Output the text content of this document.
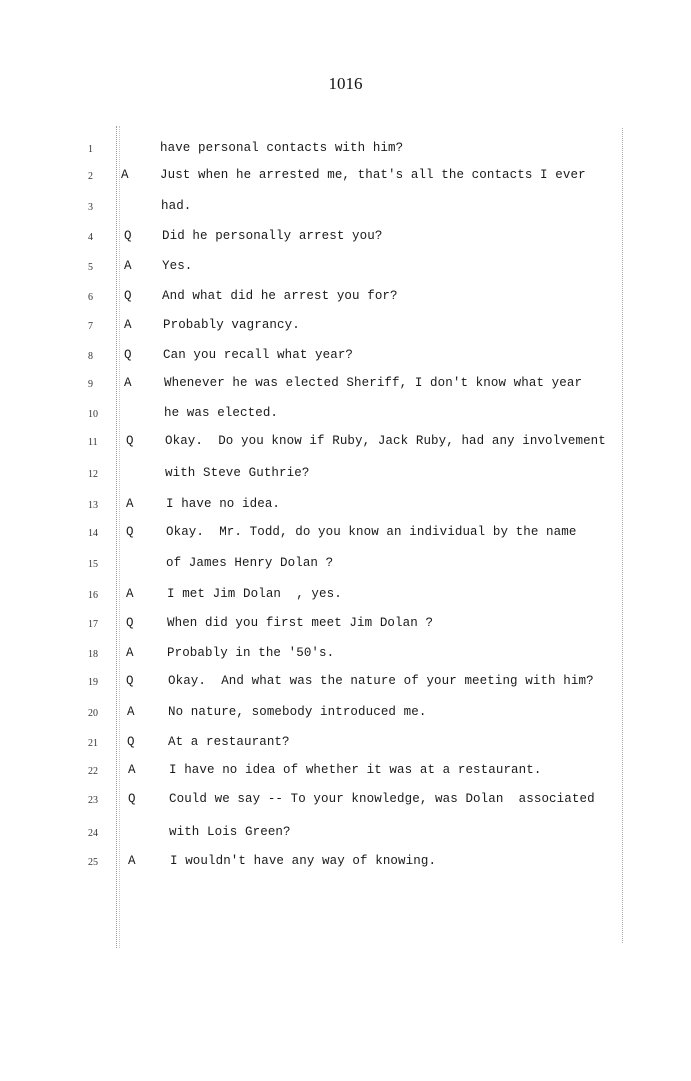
1016
1	have personal contacts with him?
2	A	Just when he arrested me, that's all the contacts I ever
3	had.
4	Q Did he personally arrest you?
5	A Yes.
6	Q And what did he arrest you for?
7	A	Probably vagrancy.
8	Q	Can you recall what year?
9	A	Whenever he was elected Sheriff, I don't know what year
10	he was elected.
11	Q	Okay.  Do you know if Ruby, Jack Ruby, had any involvement
12	with Steve Guthrie?
13	A	I have no idea.
14	Q	Okay.  Mr. Todd, do you know an individual by the name
15	of James Henry Dolan ?
16	A	I met Jim Dolan  , yes.
17	Q	When did you first meet Jim Dolan ?
18	A	Probably in the '50's.
19	Q	Okay.  And what was the nature of your meeting with him?
20	A	No nature, somebody introduced me.
21	Q	At a restaurant?
22	A	I have no idea of whether it was at a restaurant.
23	Q	Could we say -- To your knowledge, was Dolan  associated
24	with Lois Green?
25	A	I wouldn't have any way of knowing.
